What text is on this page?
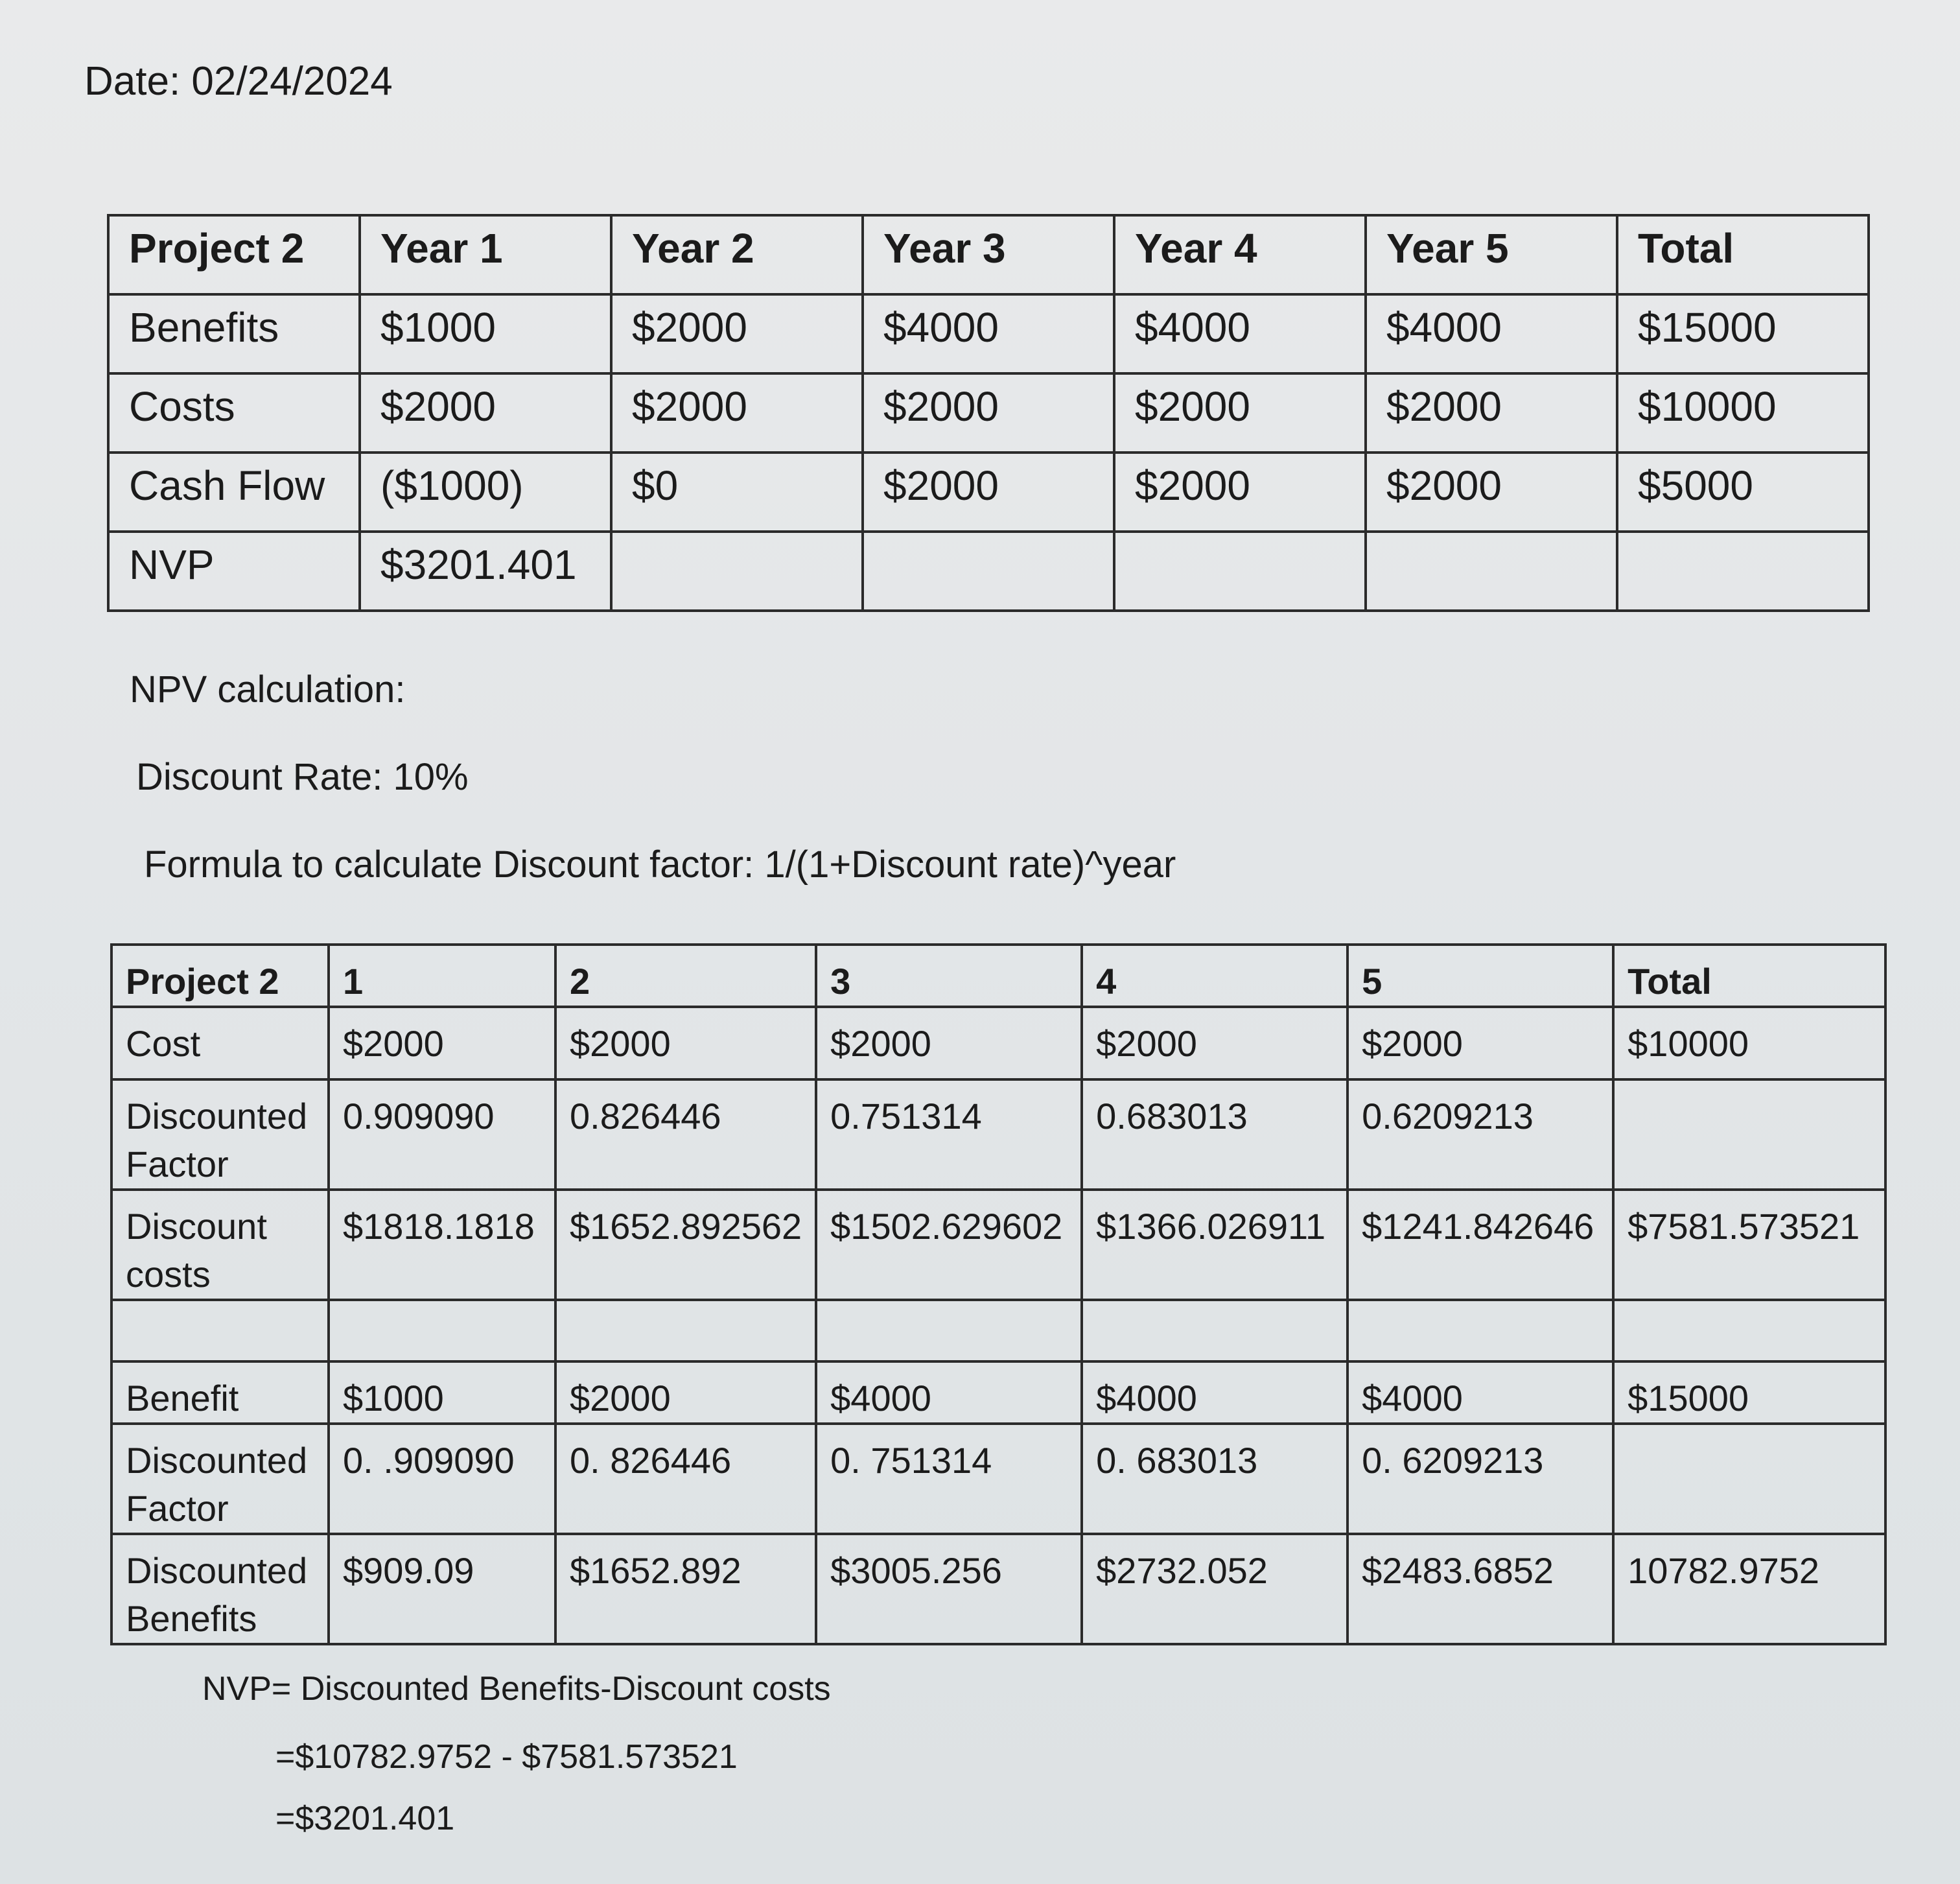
Date: 02/24/2024
Project 2	Year 1	Year 2	Year 3	Year 4	Year 5	Total
Benefits	$1000	$2000	$4000	$4000	$4000	$15000
Costs	$2000	$2000	$2000	$2000	$2000	$10000
Cash Flow	($1000)	$0	$2000	$2000	$2000	$5000
NVP	$3201.401					
NPV calculation:
Discount Rate: 10%
Formula to calculate Discount factor: 1/(1+Discount rate)^year
Project 2	1	2	3	4	5	Total
Cost	$2000	$2000	$2000	$2000	$2000	$10000
Discounted Factor	0.909090	0.826446	0.751314	0.683013	0.6209213	
Discount costs	$1818.1818	$1652.892562	$1502.629602	$1366.026911	$1241.842646	$7581.573521

Benefit	$1000	$2000	$4000	$4000	$4000	$15000
Discounted Factor	0. .909090	0. 826446	0. 751314	0. 683013	0. 6209213	
Discounted Benefits	$909.09	$1652.892	$3005.256	$2732.052	$2483.6852	10782.9752
NVP= Discounted Benefits-Discount costs
=$10782.9752 - $7581.573521
=$3201.401
